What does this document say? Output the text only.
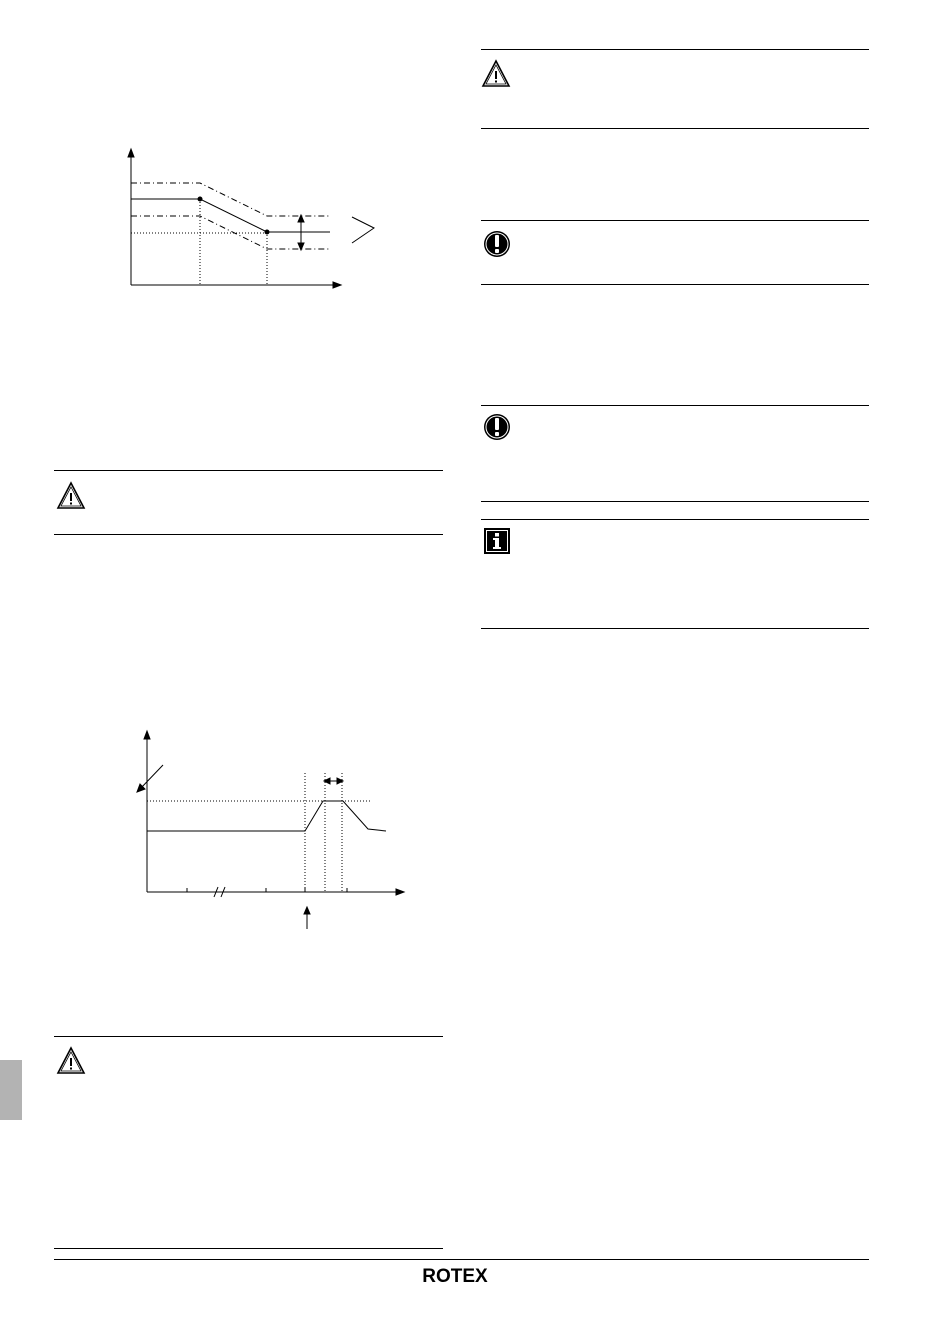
ROTEX
